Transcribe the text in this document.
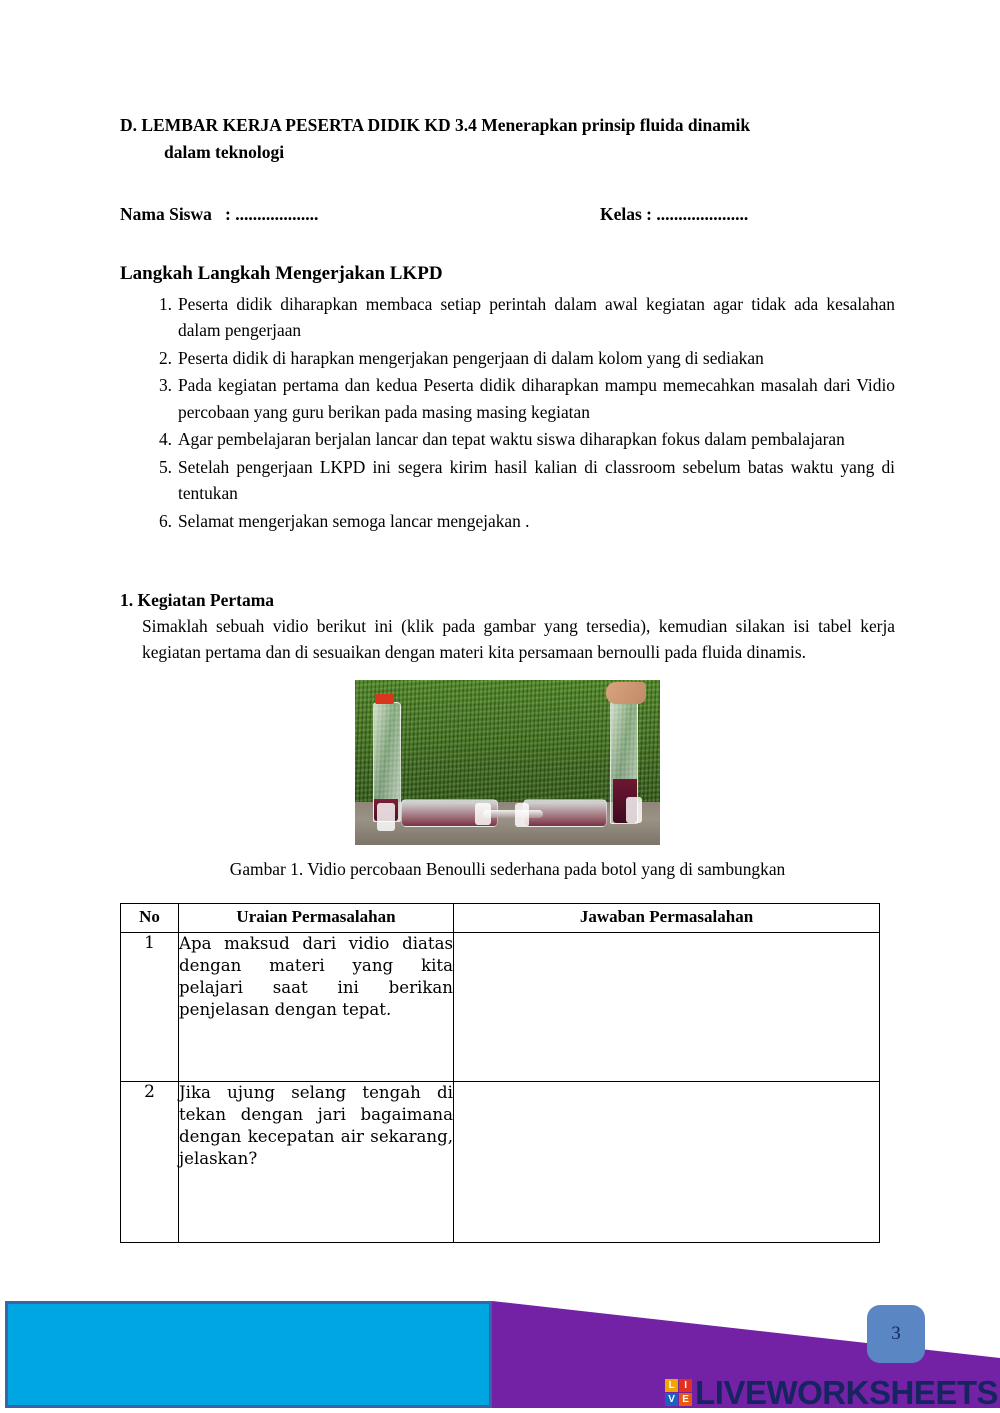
D. LEMBAR KERJA PESERTA DIDIK KD 3.4 Menerapkan prinsip fluida dinamik
dalam teknologi

Nama Siswa   : ...................	Kelas : .....................
Langkah Langkah Mengerjakan LKPD
Peserta didik diharapkan membaca setiap perintah dalam awal kegiatan agar tidak ada kesalahan dalam pengerjaan
Peserta didik di harapkan mengerjakan pengerjaan di dalam kolom yang di sediakan
Pada kegiatan pertama dan kedua Peserta didik diharapkan mampu memecahkan masalah dari Vidio percobaan yang guru berikan pada masing masing kegiatan
Agar pembelajaran berjalan lancar dan tepat waktu siswa diharapkan fokus dalam pembalajaran
Setelah pengerjaan LKPD ini segera kirim hasil kalian di classroom sebelum batas waktu yang di tentukan
Selamat mengerjakan semoga lancar mengejakan .
1. Kegiatan Pertama
Simaklah sebuah vidio berikut ini (klik pada gambar yang tersedia), kemudian silakan isi tabel kerja kegiatan pertama dan di sesuaikan dengan materi kita persamaan bernoulli pada fluida dinamis.
Gambar 1. Vidio percobaan Benoulli sederhana pada botol yang di sambungkan
No	Uraian Permasalahan	Jawaban Permasalahan
1	Apa maksud dari vidio diatas dengan materi yang kita pelajari saat ini berikan penjelasan dengan tepat.	
2	Jika ujung selang tengah di tekan dengan jari bagaimana dengan kecepatan air sekarang, jelaskan?	
3
L I
V E LIVEWORKSHEETS
